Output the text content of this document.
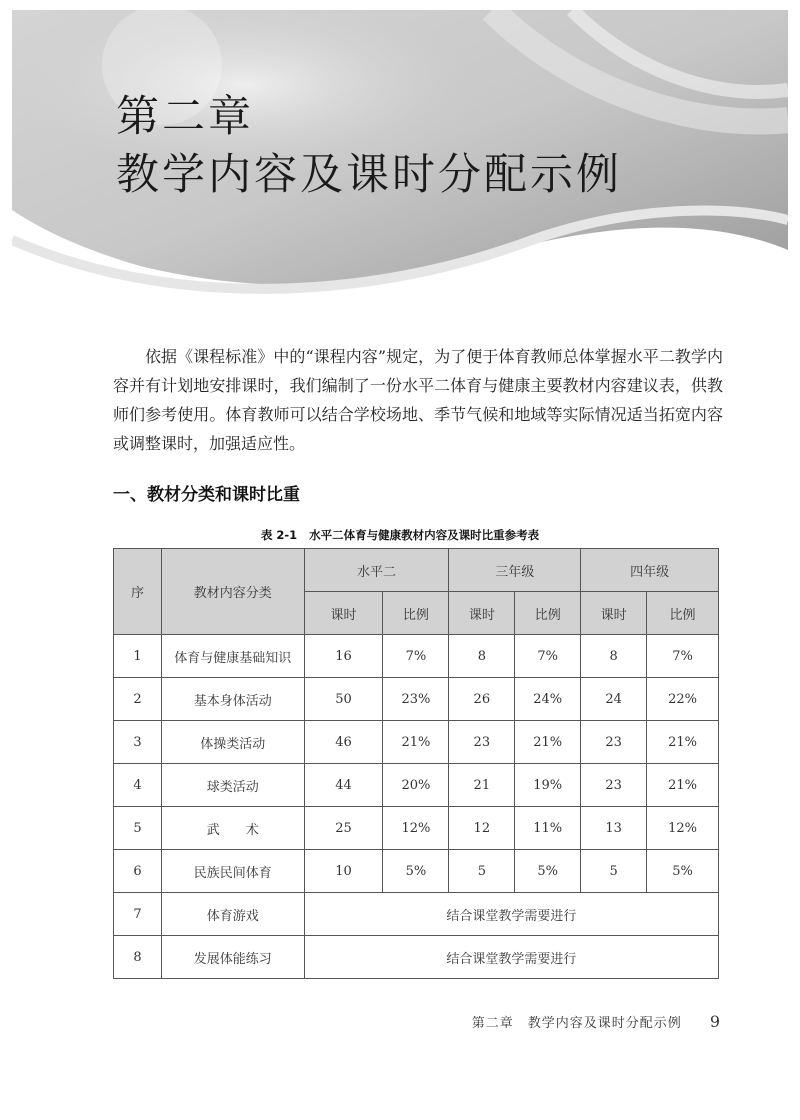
第二章
教学内容及课时分配示例

依据《课程标准》中的“课程内容”规定，为了便于体育教师总体掌握水平二教学内容并有计划地安排课时，我们编制了一份水平二体育与健康主要教材内容建议表，供教师们参考使用。体育教师可以结合学校场地、季节气候和地域等实际情况适当拓宽内容或调整课时，加强适应性。

一、教材分类和课时比重
表 2-1 水平二体育与健康教材内容及课时比重参考表
序	教材内容分类	水平二		三年级		四年级	
		课时	比例	课时	比例	课时	比例
1	体育与健康基础知识	16	7%	8	7%	8	7%
2	基本身体活动	50	23%	26	24%	24	22%
3	体操类活动	46	21%	23	21%	23	21%
4	球类活动	44	20%	21	19%	23	21%
5	武　　术	25	12%	12	11%	13	12%
6	民族民间体育	10	5%	5	5%	5	5%
7	体育游戏	结合课堂教学需要进行					
8	发展体能练习	结合课堂教学需要进行					
第二章　教学内容及课时分配示例 9
